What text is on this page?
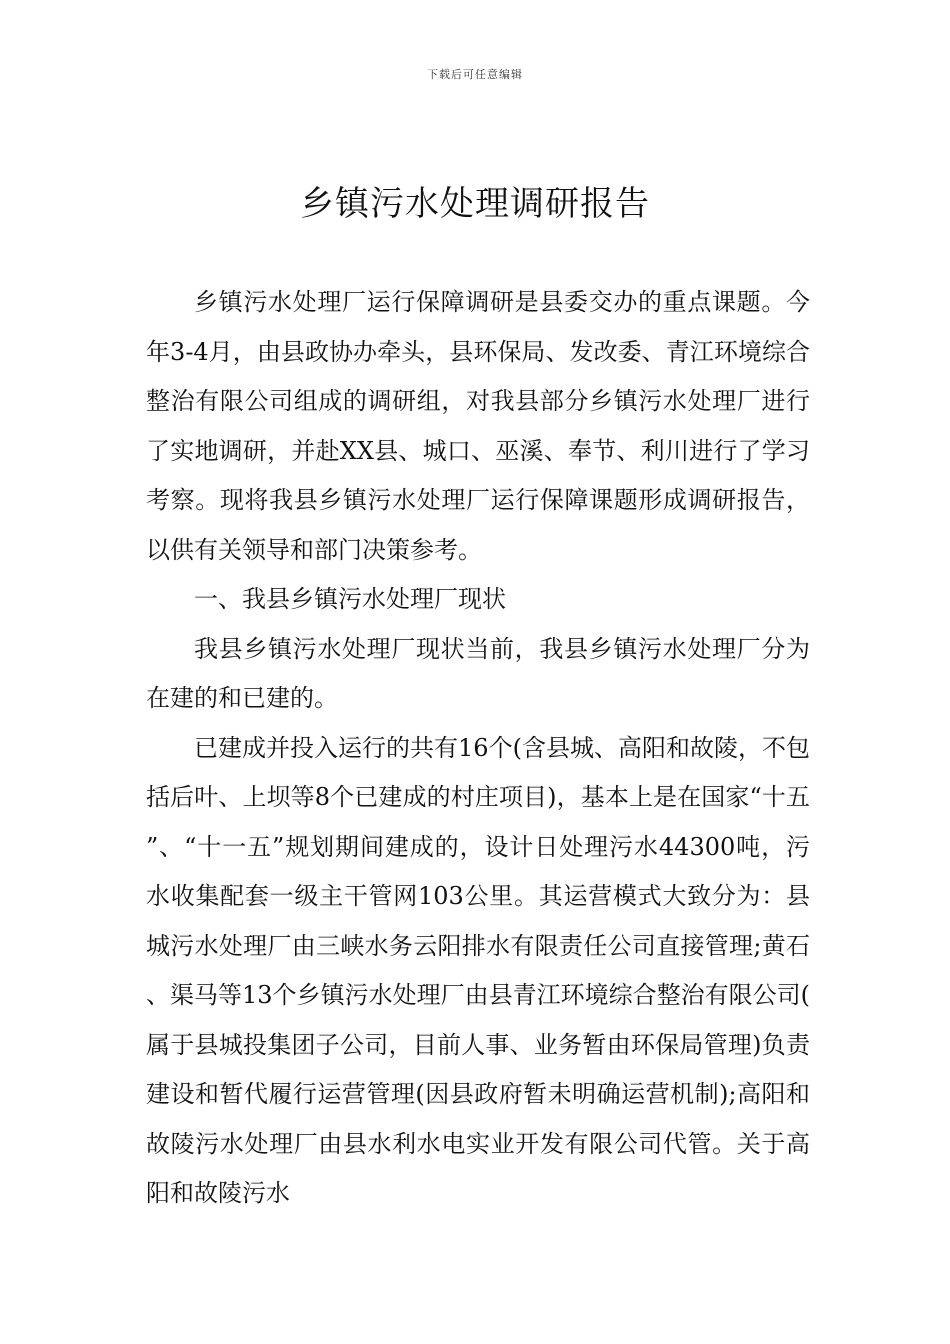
下载后可任意编辑
乡镇污水处理调研报告

乡镇污水处理厂运行保障调研是县委交办的重点课题。今年3-4月，由县政协办牵头，县环保局、发改委、青江环境综合整治有限公司组成的调研组，对我县部分乡镇污水处理厂进行了实地调研，并赴XX县、城口、巫溪、奉节、利川进行了学习考察。现将我县乡镇污水处理厂运行保障课题形成调研报告，以供有关领导和部门决策参考。

一、我县乡镇污水处理厂现状

我县乡镇污水处理厂现状当前，我县乡镇污水处理厂分为在建的和已建的。

已建成并投入运行的共有16个(含县城、高阳和故陵，不包括后叶、上坝等8个已建成的村庄项目)，基本上是在国家“十五”、“十一五”规划期间建成的，设计日处理污水44300吨，污水收集配套一级主干管网103公里。其运营模式大致分为：县城污水处理厂由三峡水务云阳排水有限责任公司直接管理;黄石、渠马等13个乡镇污水处理厂由县青江环境综合整治有限公司(属于县城投集团子公司，目前人事、业务暂由环保局管理)负责建设和暂代履行运营管理(因县政府暂未明确运营机制);高阳和故陵污水处理厂由县水利水电实业开发有限公司代管。关于高阳和故陵污水
